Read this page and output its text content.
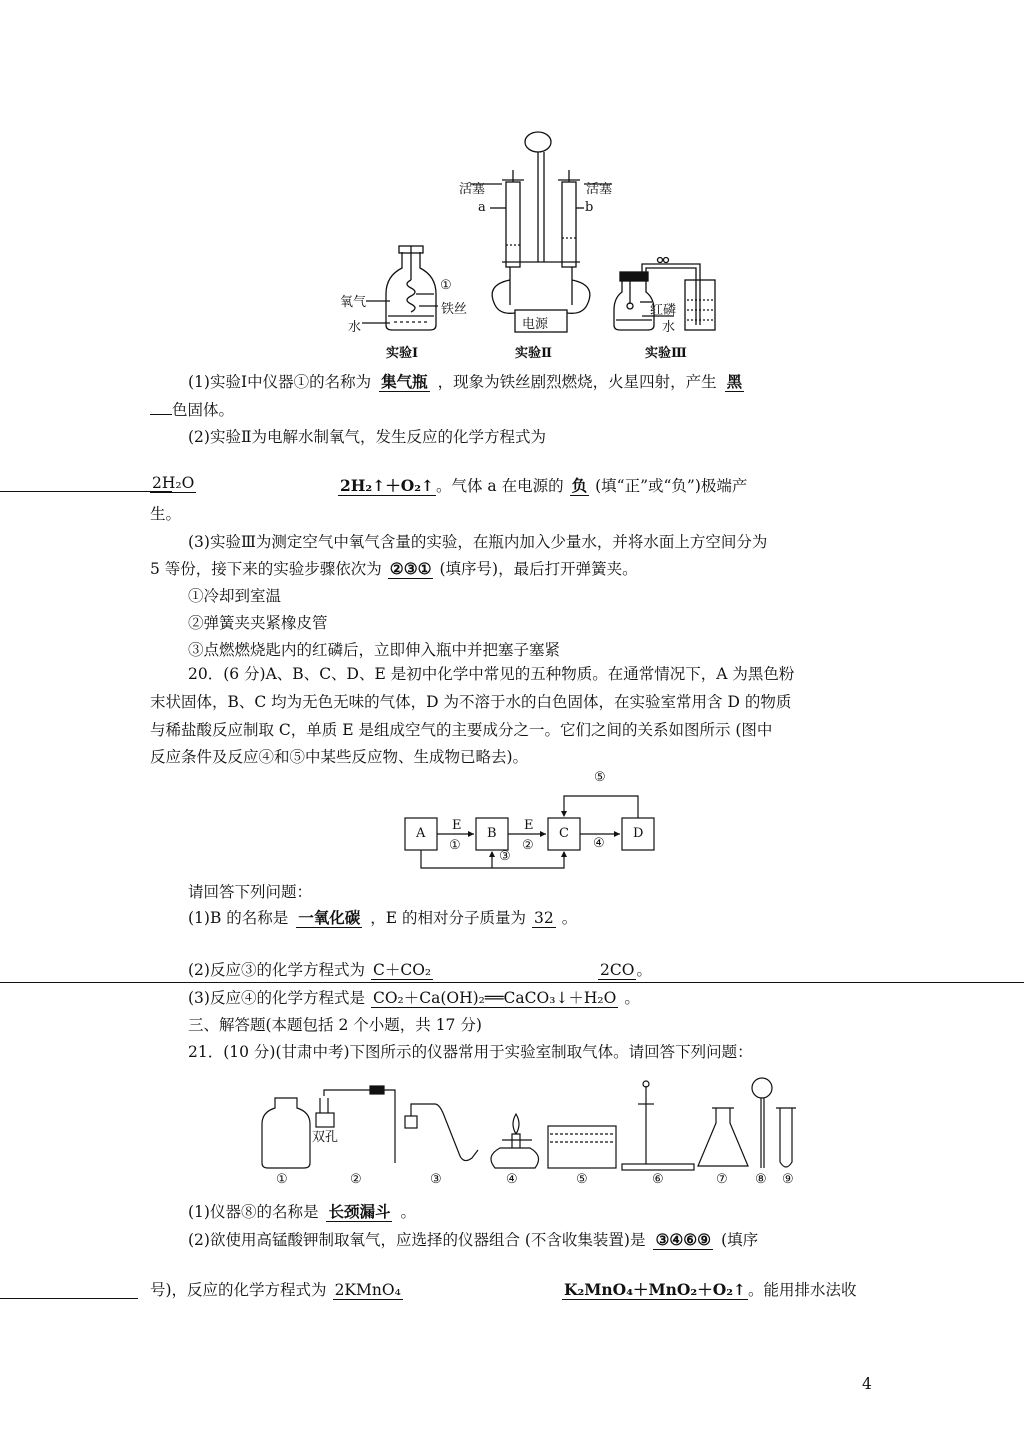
活塞	活塞
a	b
①
氧气	铁丝
水	电源
红磷
水
实验Ⅰ	实验Ⅱ	实验Ⅲ
(1)实验Ⅰ中仪器①的名称为 集气瓶 ，现象为铁丝剧烈燃烧，火星四射，产生 黑
色固体。
(2)实验Ⅱ为电解水制氧气，发生反应的化学方程式为
2H₂O	2H₂↑＋O₂↑ 。气体 a 在电源的 负 (填“正”或“负”)极端产
生。
(3)实验Ⅲ为测定空气中氧气含量的实验，在瓶内加入少量水，并将水面上方空间分为
5 等份，接下来的实验步骤依次为 ②③① (填序号)，最后打开弹簧夹。
①冷却到室温
②弹簧夹夹紧橡皮管
③点燃燃烧匙内的红磷后，立即伸入瓶中并把塞子塞紧
20．(6 分)A、B、C、D、E 是初中化学中常见的五种物质。在通常情况下，A 为黑色粉
末状固体，B、C 均为无色无味的气体，D 为不溶于水的白色固体，在实验室常用含 D 的物质
与稀盐酸反应制取 C，单质 E 是组成空气的主要成分之一。它们之间的关系如图所示 (图中
反应条件及反应④和⑤中某些反应物、生成物已略去)。
A	B	C	D
E	E
①	②
③
④
⑤
请回答下列问题：
(1)B 的名称是 一氧化碳 ，E 的相对分子质量为 32 。
(2)反应③的化学方程式为 C＋CO₂	2CO 。
(3)反应④的化学方程式是 CO₂＋Ca(OH)₂══CaCO₃↓＋H₂O 。
三、解答题(本题包括 2 个小题，共 17 分)
21．(10 分)(甘肃中考)下图所示的仪器常用于实验室制取气体。请回答下列问题：
双孔
①	②	③	④	⑤	⑥	⑦ ⑧ ⑨
(1)仪器⑧的名称是 长颈漏斗 。
(2)欲使用高锰酸钾制取氧气，应选择的仪器组合 (不含收集装置)是 ③④⑥⑨ (填序
号)，反应的化学方程式为 2KMnO₄	K₂MnO₄＋MnO₂＋O₂↑ 。能用排水法收
4
